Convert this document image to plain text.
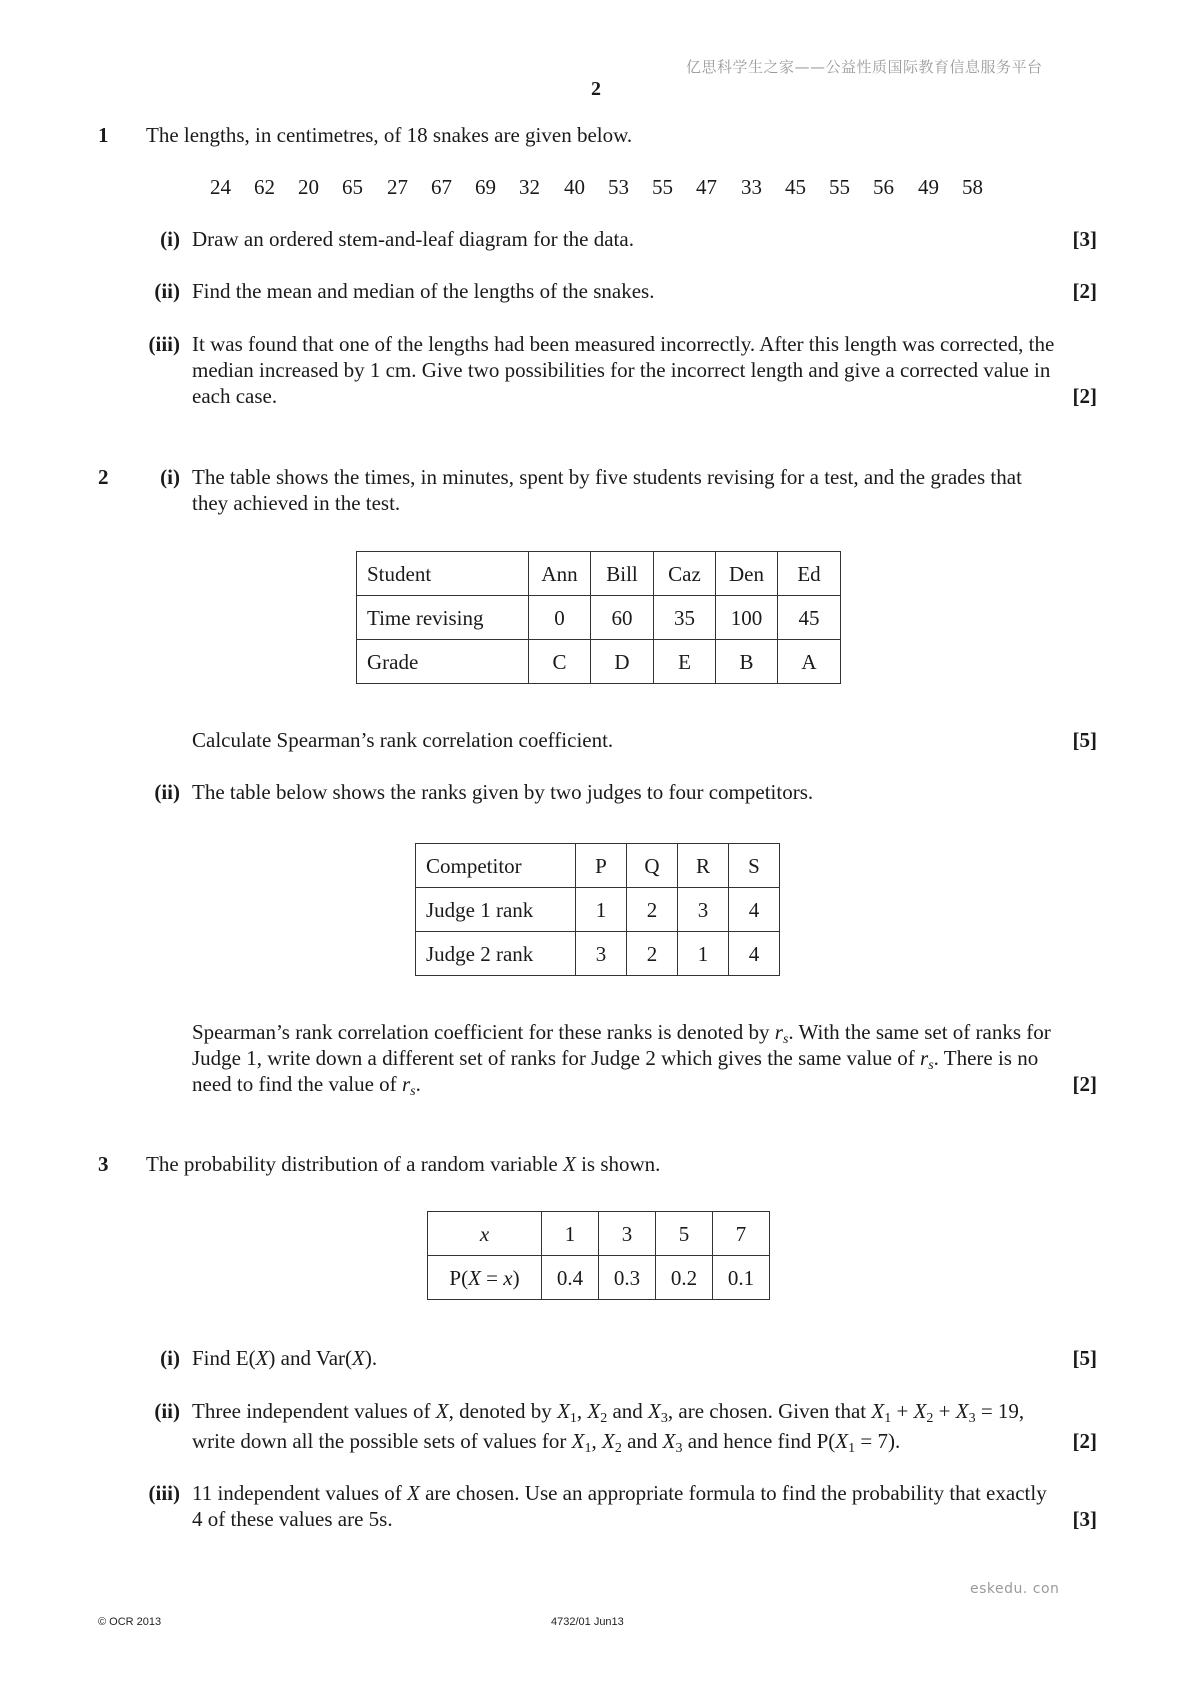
亿思科学生之家——公益性质国际教育信息服务平台
2
1 The lengths, in centimetres, of 18 snakes are given below.
24 62 20 65 27 67 69 32 40 53 55 47 33 45 55 56 49 58
(i) Draw an ordered stem-and-leaf diagram for the data.	[3]
(ii) Find the mean and median of the lengths of the snakes.	[2]
(iii) It was found that one of the lengths had been measured incorrectly. After this length was corrected, the
median increased by 1 cm. Give two possibilities for the incorrect length and give a corrected value in
each case.	[2]
2	(i) The table shows the times, in minutes, spent by five students revising for a test, and the grades that
they achieved in the test.
Student	Ann	Bill	Caz	Den	Ed
Time revising	0	60	35	100	45
Grade	C	D	E	B	A
Calculate Spearman’s rank correlation coefficient.	[5]
(ii) The table below shows the ranks given by two judges to four competitors.
Competitor	P	Q	R	S
Judge 1 rank	1	2	3	4
Judge 2 rank	3	2	1	4
Spearman’s rank correlation coefficient for these ranks is denoted by $r_s$. With the same set of ranks for
Judge 1, write down a different set of ranks for Judge 2 which gives the same value of $r_s$. There is no
need to find the value of $r_s$.	[2]
3 The probability distribution of a random variable X is shown.
x	1	3	5	7
P(X = x)	0.4	0.3	0.2	0.1
(i) Find E(X) and Var(X).	[5]
(ii) Three independent values of X, denoted by $X_1$, $X_2$ and $X_3$, are chosen. Given that $X_1 + X_2 + X_3 = 19$,
write down all the possible sets of values for $X_1$, $X_2$ and $X_3$ and hence find $P(X_1 = 7)$.	[2]
(iii) 11 independent values of X are chosen. Use an appropriate formula to find the probability that exactly
4 of these values are 5s.	[3]
eskedu. con
© OCR 2013	4732/01 Jun13
